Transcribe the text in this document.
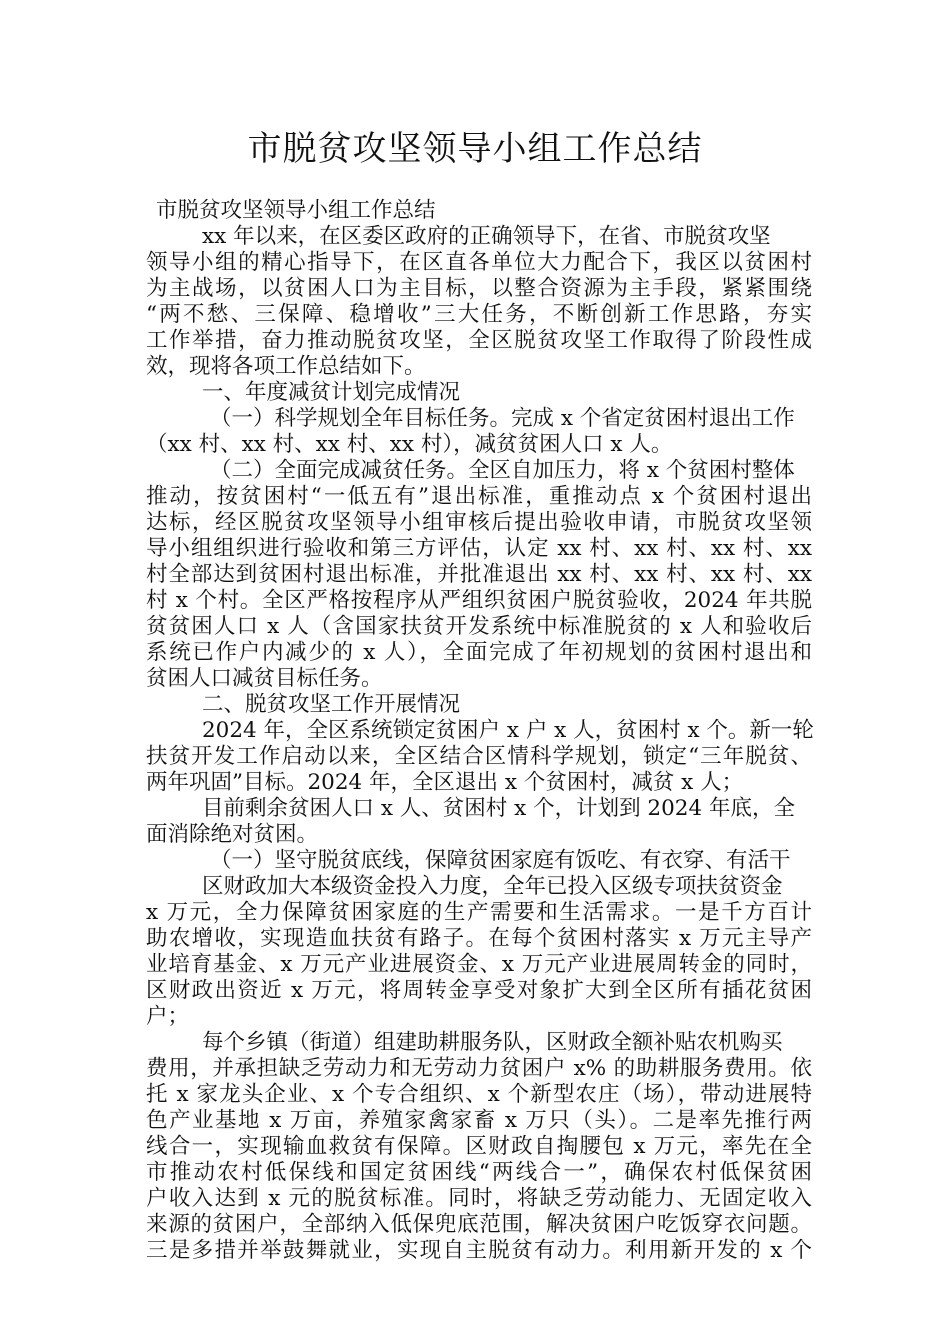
市脱贫攻坚领导小组工作总结
市脱贫攻坚领导小组工作总结
xx 年以来，在区委区政府的正确领导下，在省、市脱贫攻坚
领导小组的精心指导下，在区直各单位大力配合下，我区以贫困村
为主战场，以贫困人口为主目标，以整合资源为主手段，紧紧围绕
“两不愁、三保障、稳增收”三大任务，不断创新工作思路，夯实
工作举措，奋力推动脱贫攻坚，全区脱贫攻坚工作取得了阶段性成
效，现将各项工作总结如下。
一、年度减贫计划完成情况
（一）科学规划全年目标任务。完成 x 个省定贫困村退出工作
（xx 村、xx 村、xx 村、xx 村），减贫贫困人口 x 人。
（二）全面完成减贫任务。全区自加压力，将 x 个贫困村整体
推动，按贫困村“一低五有”退出标准，重推动点 x 个贫困村退出
达标，经区脱贫攻坚领导小组审核后提出验收申请，市脱贫攻坚领
导小组组织进行验收和第三方评估，认定 xx 村、xx 村、xx 村、xx
村全部达到贫困村退出标准，并批准退出 xx 村、xx 村、xx 村、xx
村 x 个村。全区严格按程序从严组织贫困户脱贫验收，2024 年共脱
贫贫困人口 x 人（含国家扶贫开发系统中标准脱贫的 x 人和验收后
系统已作户内减少的 x 人），全面完成了年初规划的贫困村退出和
贫困人口减贫目标任务。
二、脱贫攻坚工作开展情况
2024 年，全区系统锁定贫困户 x 户 x 人，贫困村 x 个。新一轮
扶贫开发工作启动以来，全区结合区情科学规划，锁定“三年脱贫、
两年巩固”目标。2024 年，全区退出 x 个贫困村，减贫 x 人；
目前剩余贫困人口 x 人、贫困村 x 个，计划到 2024 年底，全
面消除绝对贫困。
（一）坚守脱贫底线，保障贫困家庭有饭吃、有衣穿、有活干
区财政加大本级资金投入力度，全年已投入区级专项扶贫资金
x 万元，全力保障贫困家庭的生产需要和生活需求。一是千方百计
助农增收，实现造血扶贫有路子。在每个贫困村落实 x 万元主导产
业培育基金、x 万元产业进展资金、x 万元产业进展周转金的同时，
区财政出资近 x 万元，将周转金享受对象扩大到全区所有插花贫困
户；
每个乡镇（街道）组建助耕服务队，区财政全额补贴农机购买
费用，并承担缺乏劳动力和无劳动力贫困户 x% 的助耕服务费用。依
托 x 家龙头企业、x 个专合组织、x 个新型农庄（场），带动进展特
色产业基地 x 万亩，养殖家禽家畜 x 万只（头）。二是率先推行两
线合一，实现输血救贫有保障。区财政自掏腰包 x 万元，率先在全
市推动农村低保线和国定贫困线“两线合一”，确保农村低保贫困
户收入达到 x 元的脱贫标准。同时，将缺乏劳动能力、无固定收入
来源的贫困户，全部纳入低保兜底范围，解决贫困户吃饭穿衣问题。
三是多措并举鼓舞就业，实现自主脱贫有动力。利用新开发的 x 个
